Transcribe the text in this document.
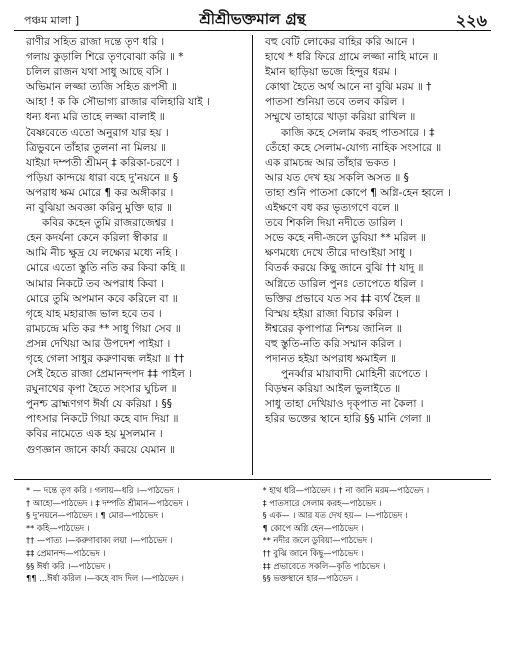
পঞ্চম মালা ]	শ্রীশ্রীভক্তমাল গ্রন্থ	২২৬
রাণীর সহিত রাজা দন্তে তৃণ ধরি ।
গলায় কুড়ালি শিরে তৃণবোঝা করি ॥ *
চলিল রাজন যথা সাধু আছে বসি ।
অভিমান লজ্জা ত্যজি সহিত রূপসী ॥
আহা ! ক কি সৌভাগ্য রাজার বলিহারি যাই ।
ধন্য ধন্য মরি তাহে লজ্জা বালাই ॥
বৈষ্ণবেতে এতো অনুরাগ যার হয় ।
ত্রিভুবনে তাঁহার তুলনা না মিলয় ॥
যাইয়া দম্পতী শ্রীমন্ ‡ করিকা-চরণে ।
পড়িয়া কান্দয়ে ধারা বহে দু'নয়নে ॥ §
অপরাধ ক্ষম মোরে ¶ কর অঙ্গীকার ।
না বুঝিয়া অবজ্ঞা করিনু মুক্তি ছার ॥
কবির কহেন তুমি রাজরাজেশ্বর ।
হেন কদর্যনা কেনে করিলা স্বীকার ॥
আমি নীচ ক্ষুদ্র যে লক্ষ্যের মধ্যে নহি ।
মোরে এতো স্তুতি নতি কর কিবা কহি ॥
আমার নিকটে তব অপরাধ কিবা ।
মোরে তুমি অপমান কবে করিলে বা ॥
গৃহে যাহ মহারাজ ভাল হবে তব ।
রামচন্দ্রে মতি কর ** সাধু গিয়া সেব ॥
প্রসন্ন দেখিয়া আর উপদেশ পাইয়া ।
গৃহে গেলা সাধুর করুণাবন্ধ লইয়া ॥ ††
সেই হৈতে রাজা প্রেমানন্দপদ ‡‡ পাইল ।
রঘুনাথের কৃপা হৈতে সংসার ঘুচিল ॥
পুনশ্চ ব্রাহ্মণগণ ঈর্ষা যে করিয়া । §§
পাৎসার নিকটে গিয়া কহে বাদ দিয়া ॥
কবির নামেতে এক হয় মুসলমান ।
গুণজ্ঞান জানে কার্য্য করয়ে যেমান ॥
বহু বেটি লোকের বাহির করি আনে ।
হাথে * ধরি ফিরে গ্রামে লজ্জা নাহি মানে ॥
ইমান ছাড়িয়া ভজে হিন্দুর ধরম ।
কোথা হৈতে অর্থ আনে না বুঝি মরম ॥ †
পাতসা শুনিয়া তবে তলব করিল ।
সম্মুখে তাহারে খাড়া করিয়া রাখিল ॥
কাজি কহে সেলাম করহ পাতসারে । ‡
তেঁহো কহে সেলাম-যোগ্য নাহিক সংসারে ॥
এক রামচন্দ্র আর তাঁহার ভকত ।
আর যত দেখ হয় সকলি অসত ॥ §
তাহা শুনি পাতসা কোপে ¶ অগ্নি-হেন হ্বলে ।
এইক্ষণে বধ কর ভৃত্যগণে বলে ॥
তবে শিকলি দিয়া নদীতে ডারিল ।
সভে কহে নদী-জলে ডুবিয়া ** মরিল ॥
ক্ষণমধ্যে দেখে তীরে দাণ্ডাইয়া সাধু ।
বিতর্ক করয়ে কিছু জানে বুঝি †† যাদু ॥
অগ্নিতে ডারিল পুনঃ তোপেতে ধরিল ।
ভক্তির প্রভাবে যত সব ‡‡ ব্যর্থ হৈল ॥
বিস্ময় হইয়া রাজা বিচার করিল ।
ঈশ্বরের কৃপাপাত্র নিশ্চয় জানিল ॥
বহু স্তুতি-নতি করি সম্মান করিল ।
পদানত হইয়া অপরাধ ক্ষমাইল ॥
পুনর্ব্বার মায়াবাদী মোহিনী রূপেতে ।
বিড়ম্বন করিয়া আইল ভুলাইতে ॥
সাধু তাহা দেখিয়াও দৃক্পাত না কৈলা ।
হরির ভক্তের স্থানে হারি §§ মানি গেলা ॥
* — দন্তে তৃণ করি । গলায়—ধরি ।—পাঠভেদ ।
† আহো—পাঠভেদ । ‡ দম্পতি শ্রীমান—পাঠভেদ ।
§ দু'নয়নে—পাঠভেদ । ¶ মোর—পাঠভেদ ।
** কহি—পাঠভেদ ।
†† —পাত্য ।—করুণাবাক্য লয়া ।—পাঠভেদ ।
‡‡ প্রেমানন্দ—পাঠভেদ ।
§§ ঈর্ষা করি ।—পাঠভেদ ।
¶¶ ...ঈর্ষা করিল ।—কহে বাদ দিল ।—পাঠভেদ ।
* হাথ ধরি—পাঠভেদ । † না জানি মরম—পাঠভেদ ।
‡ পাতসারে সেলাম করহ—পাঠভেদ ।
§ এক— । আর যত দেখ হয়— ।—পাঠভেদ ।
¶ কোপে অগ্নি হেন—পাঠভেদ ।
** নদীর জলে ডুবিয়া—পাঠভেদ ।
†† বুঝি জানে কিছু—পাঠভেদ ।
‡‡ প্রভাবেতে সকলি—কৃতি পাঠভেদ ।
§§ ভক্তস্থানে হার—পাঠভেদ ।
